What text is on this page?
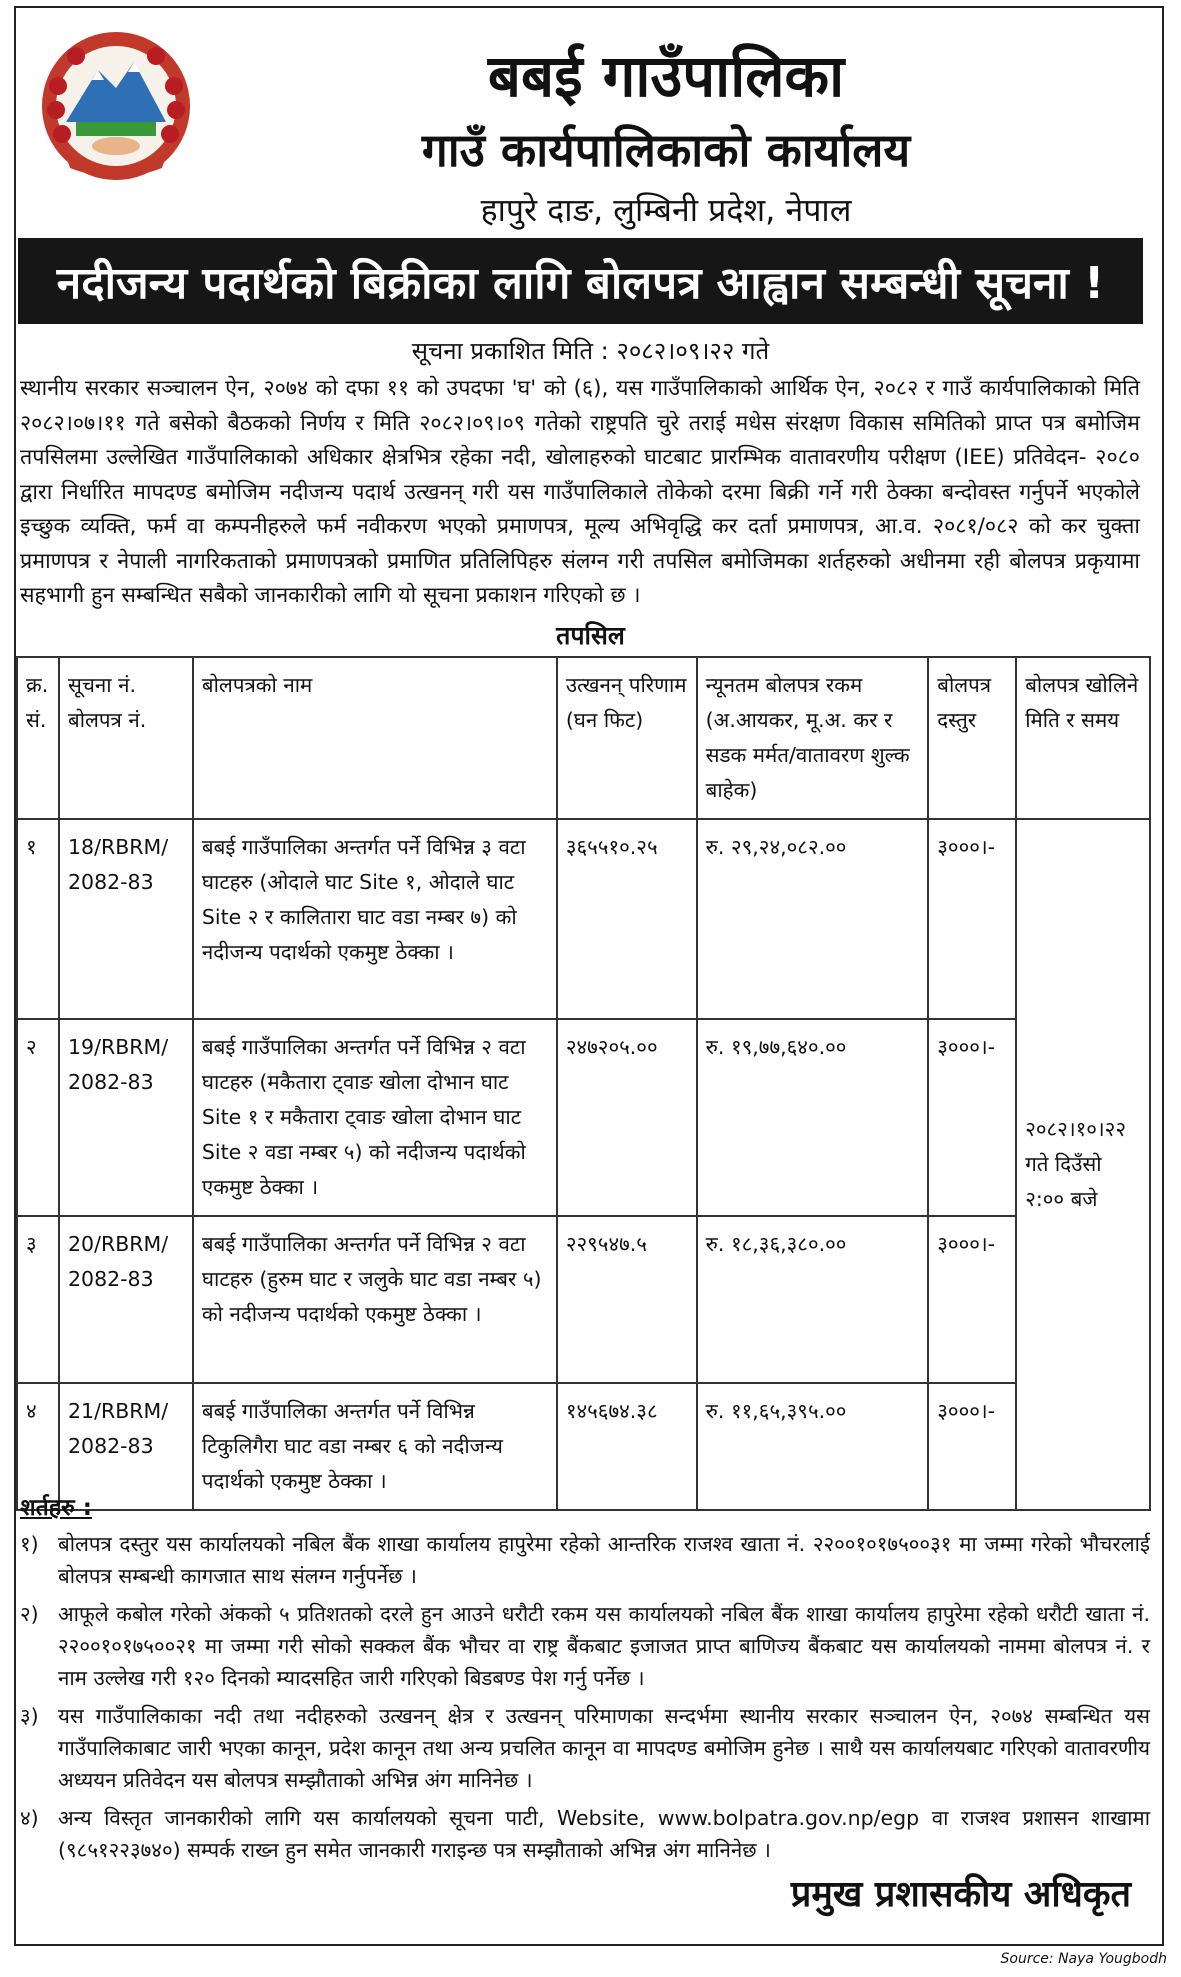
बबई गाउँपालिका
गाउँ कार्यपालिकाको कार्यालय
हापुरे दाङ, लुम्बिनी प्रदेश, नेपाल
नदीजन्य पदार्थको बिक्रीका लागि बोलपत्र आह्वान सम्बन्धी सूचना !
सूचना प्रकाशित मिति : २०८२।०९।२२ गते
स्थानीय सरकार सञ्चालन ऐन, २०७४ को दफा ११ को उपदफा 'घ' को (६), यस गाउँपालिकाको आर्थिक ऐन, २०८२ र गाउँ कार्यपालिकाको मिति २०८२।०७।११ गते बसेको बैठकको निर्णय र मिति २०८२।०९।०९ गतेको राष्ट्रपति चुरे तराई मधेस संरक्षण विकास समितिको प्राप्त पत्र बमोजिम तपसिलमा उल्लेखित गाउँपालिकाको अधिकार क्षेत्रभित्र रहेका नदी, खोलाहरुको घाटबाट प्रारम्भिक वातावरणीय परीक्षण (IEE) प्रतिवेदन- २०८० द्वारा निर्धारित मापदण्ड बमोजिम नदीजन्य पदार्थ उत्खनन् गरी यस गाउँपालिकाले तोकेको दरमा बिक्री गर्ने गरी ठेक्का बन्दोवस्त गर्नुपर्ने भएकोले इच्छुक व्यक्ति, फर्म वा कम्पनीहरुले फर्म नवीकरण भएको प्रमाणपत्र, मूल्य अभिवृद्धि कर दर्ता प्रमाणपत्र, आ.व. २०८१/०८२ को कर चुक्ता प्रमाणपत्र र नेपाली नागरिकताको प्रमाणपत्रको प्रमाणित प्रतिलिपिहरु संलग्न गरी तपसिल बमोजिमका शर्तहरुको अधीनमा रही बोलपत्र प्रकृयामा सहभागी हुन सम्बन्धित सबैको जानकारीको लागि यो सूचना प्रकाशन गरिएको छ ।
तपसिल
क्र. सं.	सूचना नं. बोलपत्र नं.	बोलपत्रको नाम	उत्खनन् परिणाम (घन फिट)	न्यूनतम बोलपत्र रकम (अ.आयकर, मू.अ. कर र सडक मर्मत/वातावरण शुल्क बाहेक)	बोलपत्र दस्तुर	बोलपत्र खोलिने मिति र समय
१	18/RBRM/ 2082-83	बबई गाउँपालिका अन्तर्गत पर्ने विभिन्न ३ वटा घाटहरु (ओदाले घाट Site १, ओदाले घाट Site २ र कालितारा घाट वडा नम्बर ७) को नदीजन्य पदार्थको एकमुष्ट ठेक्का ।	३६५५१०.२५	रु. २९,२४,०८२.००	३०००।-	२०८२।१०।२२ गते दिउँसो २:०० बजे
२	19/RBRM/ 2082-83	बबई गाउँपालिका अन्तर्गत पर्ने विभिन्न २ वटा घाटहरु (मकैतारा ट्वाङ खोला दोभान घाट Site १ र मकैतारा ट्वाङ खोला दोभान घाट Site २ वडा नम्बर ५) को नदीजन्य पदार्थको एकमुष्ट ठेक्का ।	२४७२०५.००	रु. १९,७७,६४०.००	३०००।-	
३	20/RBRM/ 2082-83	बबई गाउँपालिका अन्तर्गत पर्ने विभिन्न २ वटा घाटहरु (हुरुम घाट र जलुके घाट वडा नम्बर ५) को नदीजन्य पदार्थको एकमुष्ट ठेक्का ।	२२९५४७.५	रु. १८,३६,३८०.००	३०००।-	
४	21/RBRM/ 2082-83	बबई गाउँपालिका अन्तर्गत पर्ने विभिन्न टिकुलिगैरा घाट वडा नम्बर ६ को नदीजन्य पदार्थको एकमुष्ट ठेक्का ।	१४५६७४.३८	रु. ११,६५,३९५.००	३०००।-	
शर्तहरु :
१) बोलपत्र दस्तुर यस कार्यालयको नबिल बैंक शाखा कार्यालय हापुरेमा रहेको आन्तरिक राजश्व खाता नं. २२००१०१७५००३१ मा जम्मा गरेको भौचरलाई बोलपत्र सम्बन्धी कागजात साथ संलग्न गर्नुपर्नेछ ।
२) आफूले कबोल गरेको अंकको ५ प्रतिशतको दरले हुन आउने धरौटी रकम यस कार्यालयको नबिल बैंक शाखा कार्यालय हापुरेमा रहेको धरौटी खाता नं. २२००१०१७५००२१ मा जम्मा गरी सोको सक्कल बैंक भौचर वा राष्ट्र बैंकबाट इजाजत प्राप्त बाणिज्य बैंकबाट यस कार्यालयको नाममा बोलपत्र नं. र नाम उल्लेख गरी १२० दिनको म्यादसहित जारी गरिएको बिडबण्ड पेश गर्नु पर्नेछ ।
३) यस गाउँपालिकाका नदी तथा नदीहरुको उत्खनन् क्षेत्र र उत्खनन् परिमाणका सन्दर्भमा स्थानीय सरकार सञ्चालन ऐन, २०७४ सम्बन्धित यस गाउँपालिकाबाट जारी भएका कानून, प्रदेश कानून तथा अन्य प्रचलित कानून वा मापदण्ड बमोजिम हुनेछ । साथै यस कार्यालयबाट गरिएको वातावरणीय अध्ययन प्रतिवेदन यस बोलपत्र सम्झौताको अभिन्न अंग मानिनेछ ।
४) अन्य विस्तृत जानकारीको लागि यस कार्यालयको सूचना पाटी, Website, www.bolpatra.gov.np/egp वा राजश्व प्रशासन शाखामा (९८५१२२३७४०) सम्पर्क राख्न हुन समेत जानकारी गराइन्छ पत्र सम्झौताको अभिन्न अंग मानिनेछ ।
प्रमुख प्रशासकीय अधिकृत
Source: Naya Yougbodh
